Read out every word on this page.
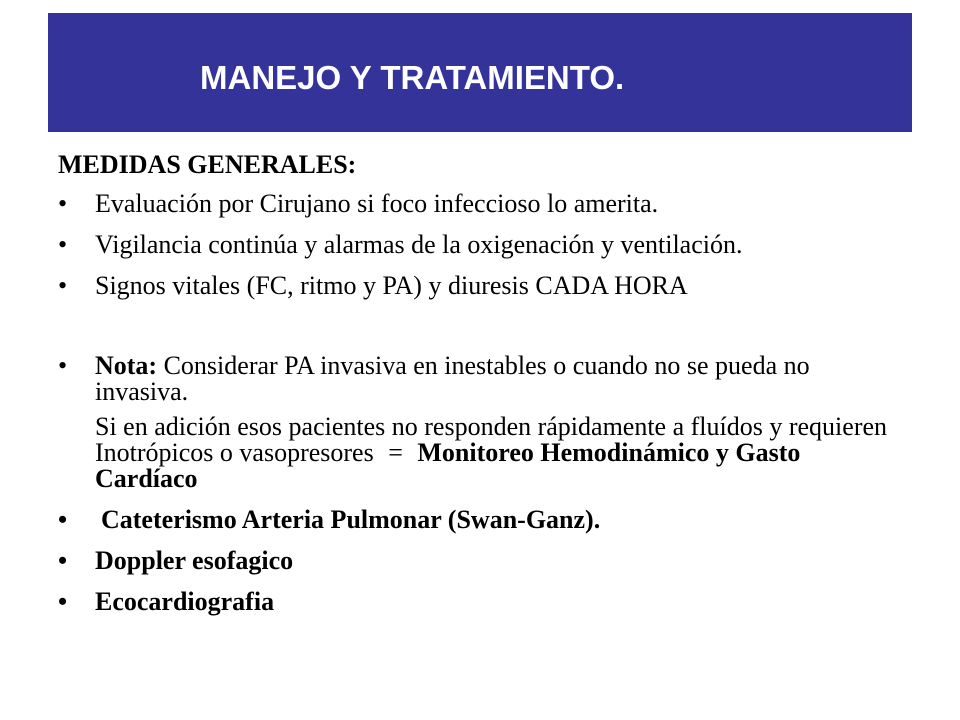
MANEJO Y TRATAMIENTO.
MEDIDAS GENERALES:
• Evaluación por Cirujano si foco infeccioso lo amerita.
• Vigilancia continúa y alarmas de la oxigenación y ventilación.
• Signos vitales (FC, ritmo y PA) y diuresis CADA HORA
• Nota: Considerar PA invasiva en inestables o cuando no se pueda no invasiva.
Si en adición esos pacientes no responden rápidamente a fluídos y requieren Inotrópicos o vasopresores = Monitoreo Hemodinámico y Gasto Cardíaco
• Cateterismo Arteria Pulmonar (Swan-Ganz).
• Doppler esofagico
• Ecocardiografia
